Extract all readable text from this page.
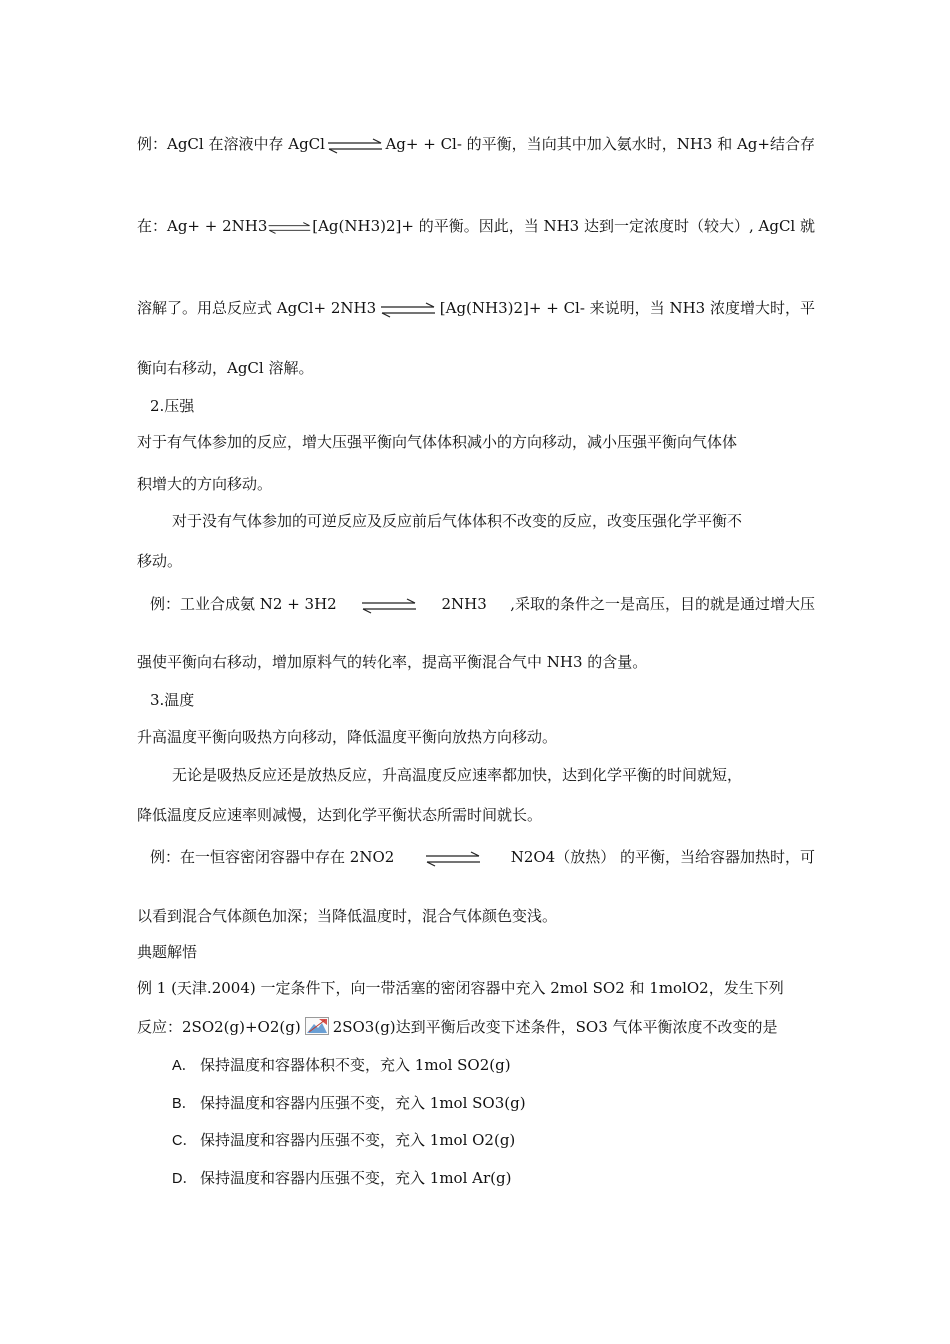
例：AgCl 在溶液中存 AgCl ⇌ Ag+ + Cl- 的平衡，当向其中加入氨水时，NH3 和 Ag+结合存
在：Ag+ + 2NH3 ⇌ [Ag(NH3)2]+ 的平衡。因此，当 NH3 达到一定浓度时（较大）, AgCl 就
溶解了。用总反应式 AgCl+ 2NH3 ⇌ [Ag(NH3)2]+ + Cl- 来说明，当 NH3 浓度增大时，平
衡向右移动，AgCl 溶解。
2.压强
对于有气体参加的反应，增大压强平衡向气体体积减小的方向移动，减小压强平衡向气体体
积增大的方向移动。
对于没有气体参加的可逆反应及反应前后气体体积不改变的反应，改变压强化学平衡不
移动。
例：工业合成氨 N2 + 3H2	2NH3 ,采取的条件之一是高压，目的就是通过增大压
强使平衡向右移动，增加原料气的转化率，提高平衡混合气中 NH3 的含量。
3.温度
升高温度平衡向吸热方向移动，降低温度平衡向放热方向移动。
无论是吸热反应还是放热反应，升高温度反应速率都加快，达到化学平衡的时间就短，
降低温度反应速率则减慢，达到化学平衡状态所需时间就长。
例：在一恒容密闭容器中存在 2NO2	N2O4（放热） 的平衡，当给容器加热时，可
以看到混合气体颜色加深；当降低温度时，混合气体颜色变浅。
典题解悟
例 1 (天津.2004) 一定条件下，向一带活塞的密闭容器中充入 2mol SO2 和 1molO2，发生下列
反应：2SO2(g)+O2(g) 2SO3(g)达到平衡后改变下述条件，SO3 气体平衡浓度不改变的是
A． 保持温度和容器体积不变，充入 1mol SO2(g)
B． 保持温度和容器内压强不变，充入 1mol SO3(g)
C． 保持温度和容器内压强不变，充入 1mol O2(g)
D． 保持温度和容器内压强不变，充入 1mol Ar(g)
